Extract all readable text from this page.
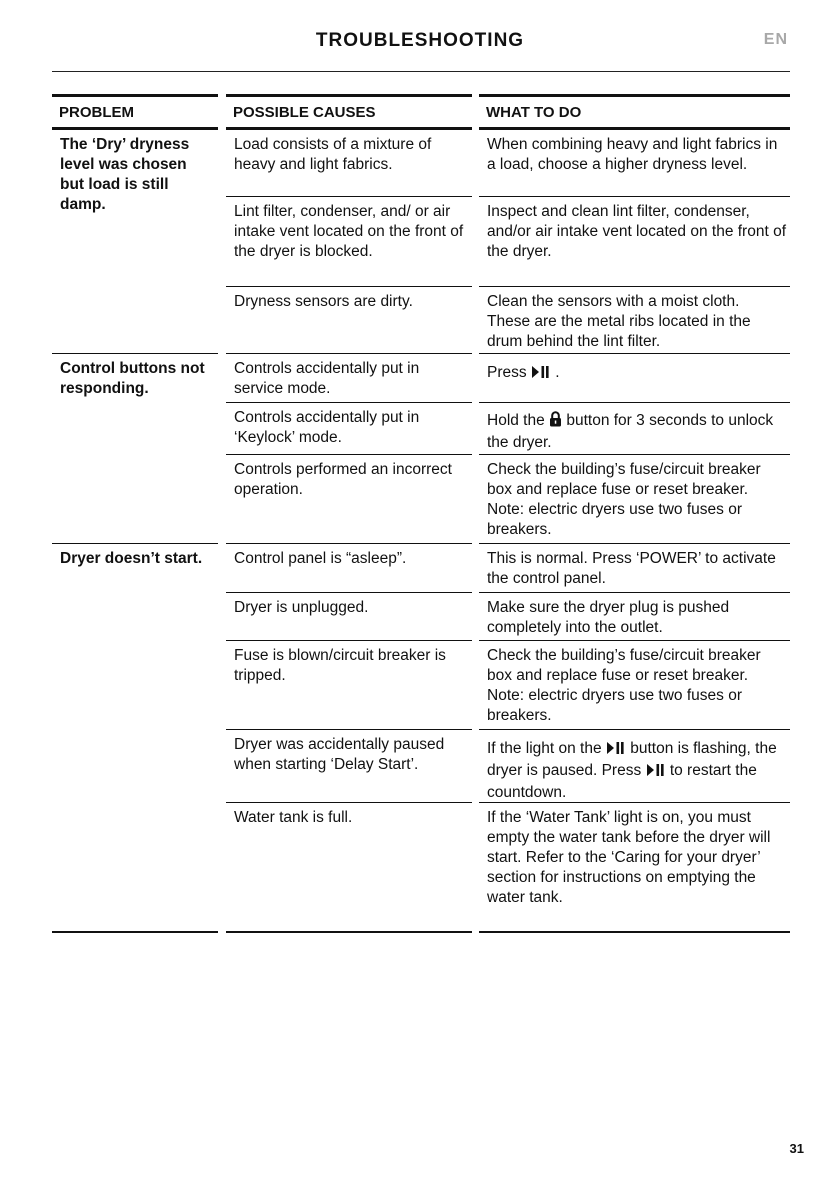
TROUBLESHOOTING	EN
PROBLEM
The ‘Dry’ dryness level was chosen but load is still damp.
Control buttons not responding.
Dryer doesn’t start.
POSSIBLE CAUSES
Load consists of a mixture of heavy and light fabrics.
Lint filter, condenser, and/ or air intake vent located on the front of the dryer is blocked.
Dryness sensors are dirty.
Controls accidentally put in service mode.
Controls accidentally put in ‘Keylock’ mode.
Controls performed an incorrect operation.
Control panel is “asleep”.
Dryer is unplugged.
Fuse is blown/circuit breaker is tripped.
Dryer was accidentally paused when starting ‘Delay Start’.
Water tank is full.
WHAT TO DO
When combining heavy and light fabrics in a load, choose a higher dryness level.
Inspect and clean lint filter, condenser, and/or air intake vent located on the front of the dryer.
Clean the sensors with a moist cloth. These are the metal ribs located in the drum behind the lint filter.
Press  .
Hold the  button for 3 seconds to unlock the dryer.
Check the building’s fuse/circuit breaker box and replace fuse or reset breaker. Note: electric dryers use two fuses or breakers.
This is normal. Press ‘POWER’ to activate the control panel.
Make sure the dryer plug is pushed completely into the outlet.
Check the building’s fuse/circuit breaker box and replace fuse or reset breaker. Note: electric dryers use two fuses or breakers.
If the light on the  button is flashing, the dryer is paused. Press  to restart the countdown.
If the ‘Water Tank’ light is on, you must empty the water tank before the dryer will start. Refer to the ‘Caring for your dryer’ section for instructions on emptying the water tank.
31
